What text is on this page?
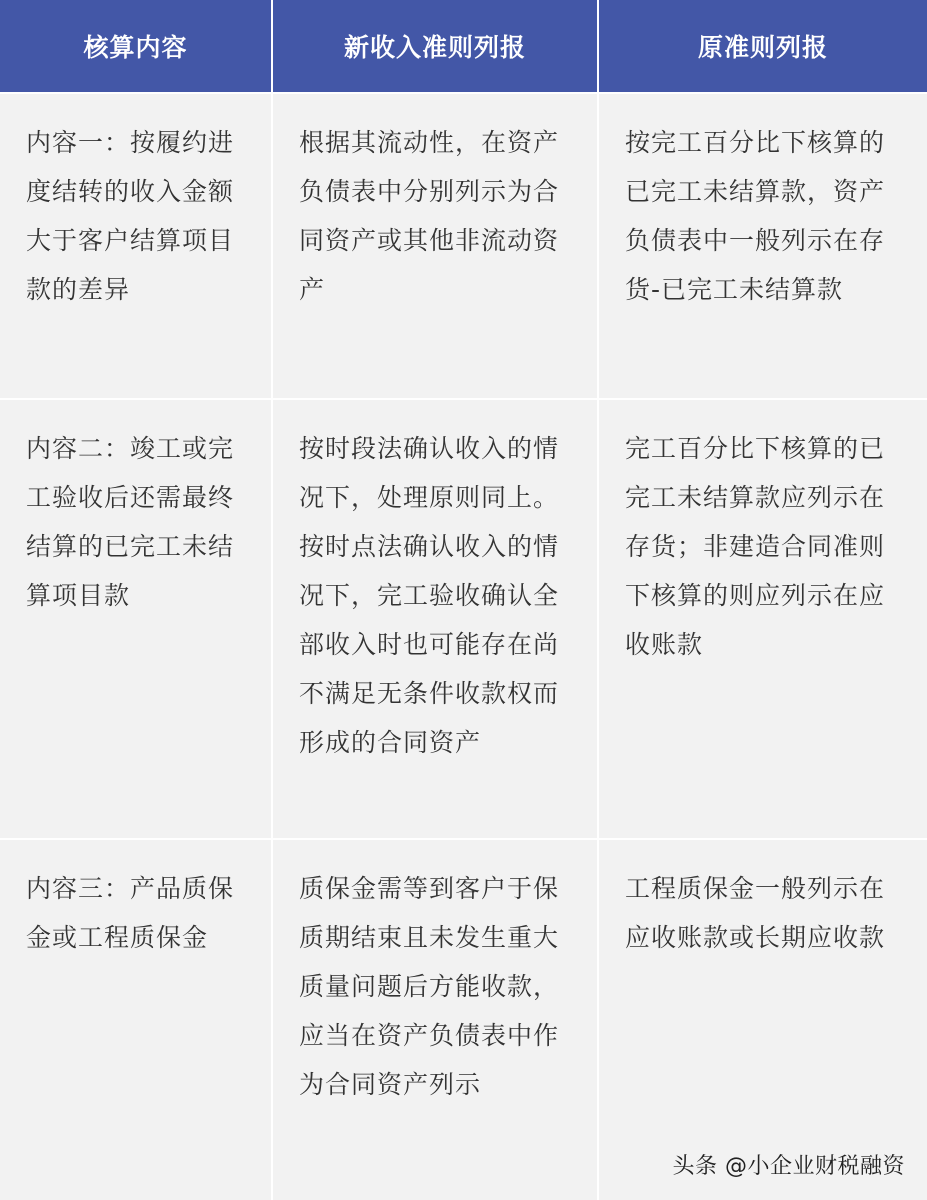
核算内容	新收入准则列报	原准则列报
内容一：按履约进度结转的收入金额大于客户结算项目款的差异
根据其流动性，在资产负债表中分别列示为合同资产或其他非流动资产
按完工百分比下核算的已完工未结算款，资产负债表中一般列示在存货-已完工未结算款
内容二：竣工或完工验收后还需最终结算的已完工未结算项目款
按时段法确认收入的情况下，处理原则同上。按时点法确认收入的情况下，完工验收确认全部收入时也可能存在尚不满足无条件收款权而形成的合同资产
完工百分比下核算的已完工未结算款应列示在存货；非建造合同准则下核算的则应列示在应收账款
内容三：产品质保金或工程质保金
质保金需等到客户于保质期结束且未发生重大质量问题后方能收款，应当在资产负债表中作为合同资产列示
工程质保金一般列示在应收账款或长期应收款
头条 @小企业财税融资
